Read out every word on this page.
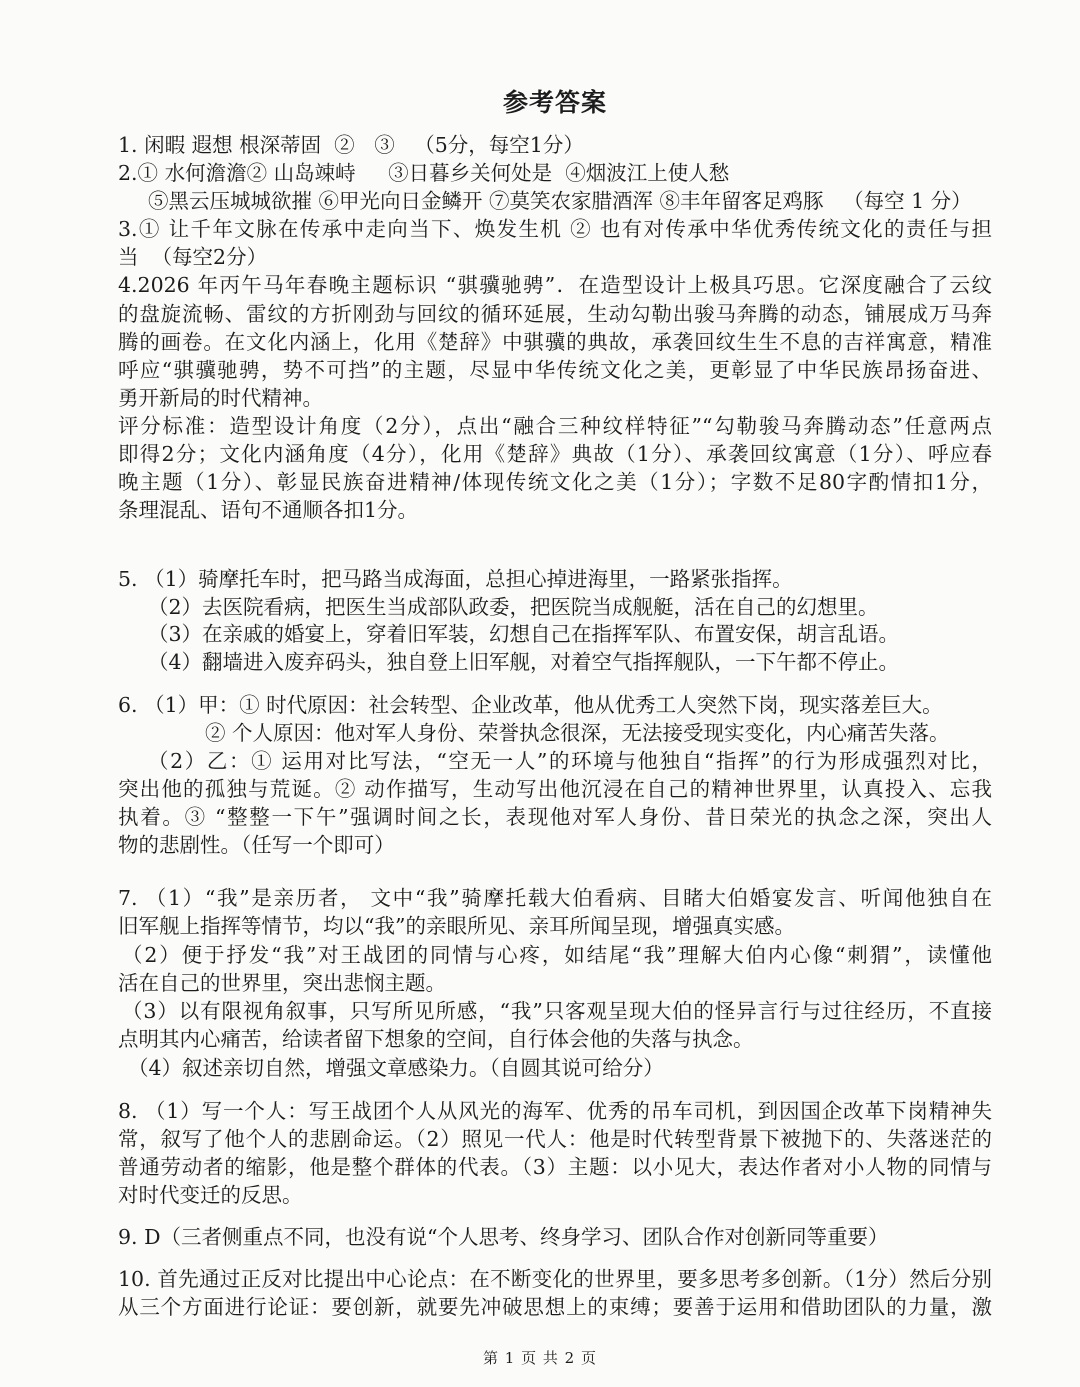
参考答案
1. 闲暇 遐想 根深蒂固  ②   ③   （5分，每空1分）
2.① 水何澹澹② 山岛竦峙     ③日暮乡关何处是  ④烟波江上使人愁
⑤黑云压城城欲摧 ⑥甲光向日金鳞开 ⑦莫笑农家腊酒浑 ⑧丰年留客足鸡豚   （每空 1 分）
3.① 让千年文脉在传承中走向当下、焕发生机 ② 也有对传承中华优秀传统文化的责任与担
当  （每空2分）
4.2026 年丙午马年春晚主题标识 “骐骥驰骋”．在造型设计上极具巧思。它深度融合了云纹
的盘旋流畅、雷纹的方折刚劲与回纹的循环延展，生动勾勒出骏马奔腾的动态，铺展成万马奔
腾的画卷。在文化内涵上，化用《楚辞》中骐骥的典故，承袭回纹生生不息的吉祥寓意，精准
呼应“骐骥驰骋，势不可挡”的主题，尽显中华传统文化之美，更彰显了中华民族昂扬奋进、
勇开新局的时代精神。
评分标准：造型设计角度（2分），点出“融合三种纹样特征”“勾勒骏马奔腾动态”任意两点
即得2分；文化内涵角度（4分），化用《楚辞》典故（1分）、承袭回纹寓意（1分）、呼应春
晚主题（1分）、彰显民族奋进精神/体现传统文化之美（1分）；字数不足80字酌情扣1分，
条理混乱、语句不通顺各扣1分。
5. （1）骑摩托车时，把马路当成海面，总担心掉进海里，一路紧张指挥。
（2）去医院看病，把医生当成部队政委，把医院当成舰艇，活在自己的幻想里。
（3）在亲戚的婚宴上，穿着旧军装，幻想自己在指挥军队、布置安保，胡言乱语。
（4）翻墙进入废弃码头，独自登上旧军舰，对着空气指挥舰队，一下午都不停止。
6. （1）甲：① 时代原因：社会转型、企业改革，他从优秀工人突然下岗，现实落差巨大。
② 个人原因：他对军人身份、荣誉执念很深，无法接受现实变化，内心痛苦失落。
（2）乙：① 运用对比写法，“空无一人”的环境与他独自“指挥”的行为形成强烈对比，
突出他的孤独与荒诞。② 动作描写，生动写出他沉浸在自己的精神世界里，认真投入、忘我
执着。③ “整整一下午”强调时间之长，表现他对军人身份、昔日荣光的执念之深，突出人
物的悲剧性。（任写一个即可）
7. （1）“我”是亲历者， 文中“我”骑摩托载大伯看病、目睹大伯婚宴发言、听闻他独自在
旧军舰上指挥等情节，均以“我”的亲眼所见、亲耳所闻呈现，增强真实感。
（2）便于抒发“我”对王战团的同情与心疼，如结尾“我”理解大伯内心像“刺猬”，读懂他
活在自己的世界里，突出悲悯主题。
（3）以有限视角叙事，只写所见所感，“我”只客观呈现大伯的怪异言行与过往经历，不直接
点明其内心痛苦，给读者留下想象的空间，自行体会他的失落与执念。
（4）叙述亲切自然，增强文章感染力。（自圆其说可给分）
8. （1）写一个人：写王战团个人从风光的海军、优秀的吊车司机，到因国企改革下岗精神失
常，叙写了他个人的悲剧命运。（2）照见一代人：他是时代转型背景下被抛下的、失落迷茫的
普通劳动者的缩影，他是整个群体的代表。（3）主题：以小见大，表达作者对小人物的同情与
对时代变迁的反思。
9. D（三者侧重点不同，也没有说“个人思考、终身学习、团队合作对创新同等重要）
10. 首先通过正反对比提出中心论点：在不断变化的世界里，要多思考多创新。（1分）然后分别
从三个方面进行论证：要创新，就要先冲破思想上的束缚；要善于运用和借助团队的力量，激
第 1 页 共 2 页
